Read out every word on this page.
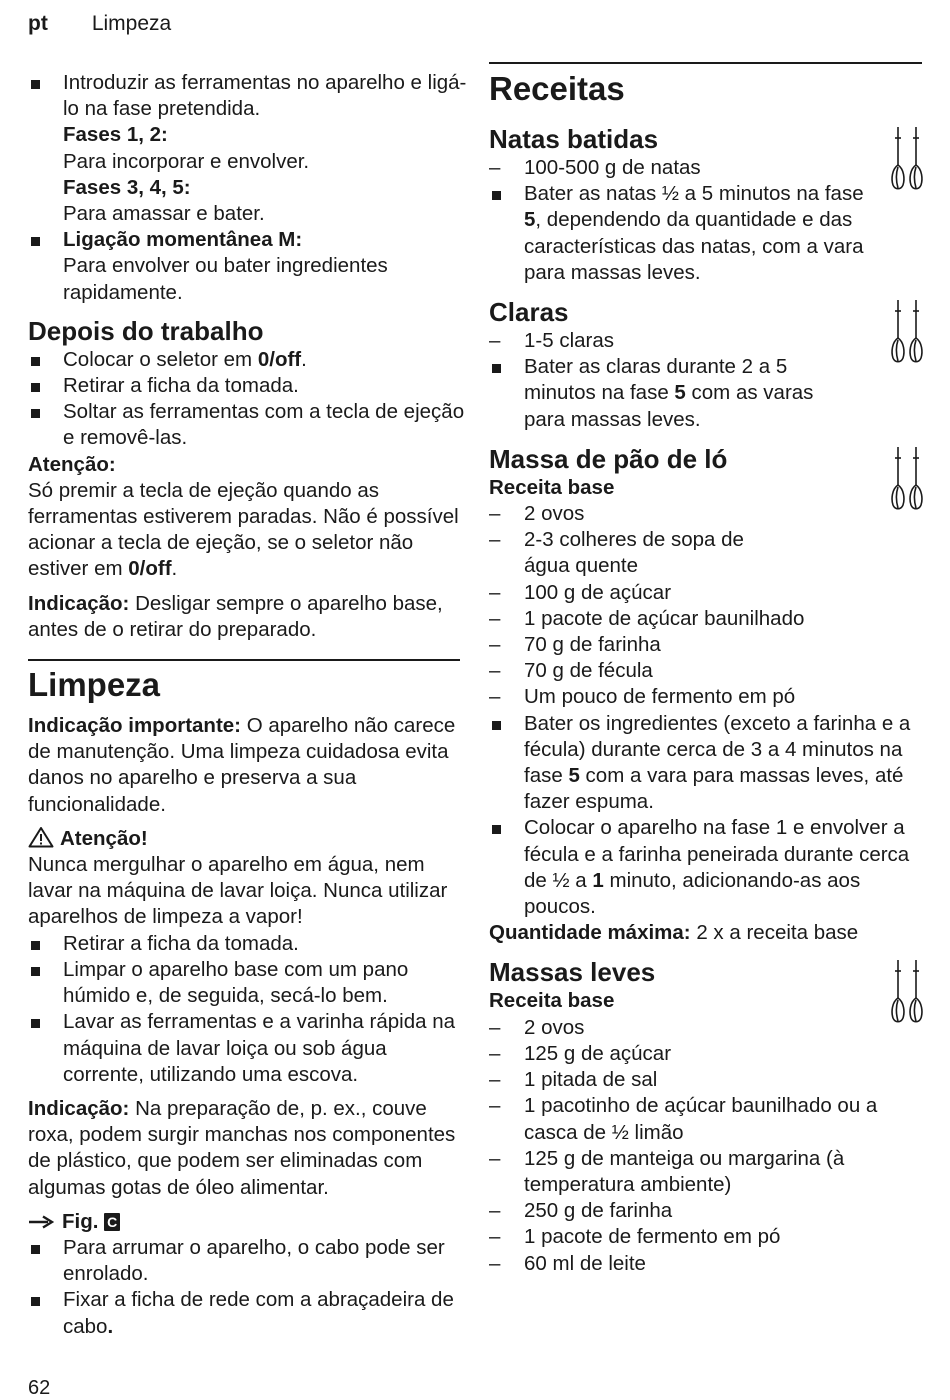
pt Limpeza
Introduzir as ferramentas no aparelho e ligá-lo na fase pretendida.
Fases 1, 2:
Para incorporar e envolver.
Fases 3, 4, 5:
Para amassar e bater.
Ligação momentânea M:
Para envolver ou bater ingredientes rapidamente.
Depois do trabalho
Colocar o seletor em 0/off.
Retirar a ficha da tomada.
Soltar as ferramentas com a tecla de ejeção e removê-las.
Atenção:
Só premir a tecla de ejeção quando as ferramentas estiverem paradas. Não é possível acionar a tecla de ejeção, se o seletor não estiver em 0/off.
Indicação: Desligar sempre o aparelho base, antes de o retirar do preparado.
Limpeza
Indicação importante: O aparelho não carece de manutenção. Uma limpeza cuidadosa evita danos no aparelho e preserva a sua funcionalidade.
Atenção!
Nunca mergulhar o aparelho em água, nem lavar na máquina de lavar loiça. Nunca utilizar aparelhos de limpeza a vapor!
Retirar a ficha da tomada.
Limpar o aparelho base com um pano húmido e, de seguida, secá-lo bem.
Lavar as ferramentas e a varinha rápida na máquina de lavar loiça ou sob água corrente, utilizando uma escova.
Indicação: Na preparação de, p. ex., couve roxa, podem surgir manchas nos componentes de plástico, que podem ser eliminadas com algumas gotas de óleo alimentar.
Fig. C
Para arrumar o aparelho, o cabo pode ser enrolado.
Fixar a ficha de rede com a abraçadeira de cabo.
Receitas
Natas batidas
100-500 g de natas
Bater as natas ½ a 5 minutos na fase 5, dependendo da quantidade e das características das natas, com a vara para massas leves.
Claras
1-5 claras
Bater as claras durante 2 a 5 minutos na fase 5 com as varas para massas leves.
Massa de pão de ló
Receita base
2 ovos
2-3 colheres de sopa de água quente
100 g de açúcar
1 pacote de açúcar baunilhado
70 g de farinha
70 g de fécula
Um pouco de fermento em pó
Bater os ingredientes (exceto a farinha e a fécula) durante cerca de 3 a 4 minutos na fase 5 com a vara para massas leves, até fazer espuma.
Colocar o aparelho na fase 1 e envolver a fécula e a farinha peneirada durante cerca de ½ a 1 minuto, adicionando-as aos poucos.
Quantidade máxima: 2 x a receita base
Massas leves
Receita base
2 ovos
125 g de açúcar
1 pitada de sal
1 pacotinho de açúcar baunilhado ou a casca de ½ limão
125 g de manteiga ou margarina (à temperatura ambiente)
250 g de farinha
1 pacote de fermento em pó
60 ml de leite
62
